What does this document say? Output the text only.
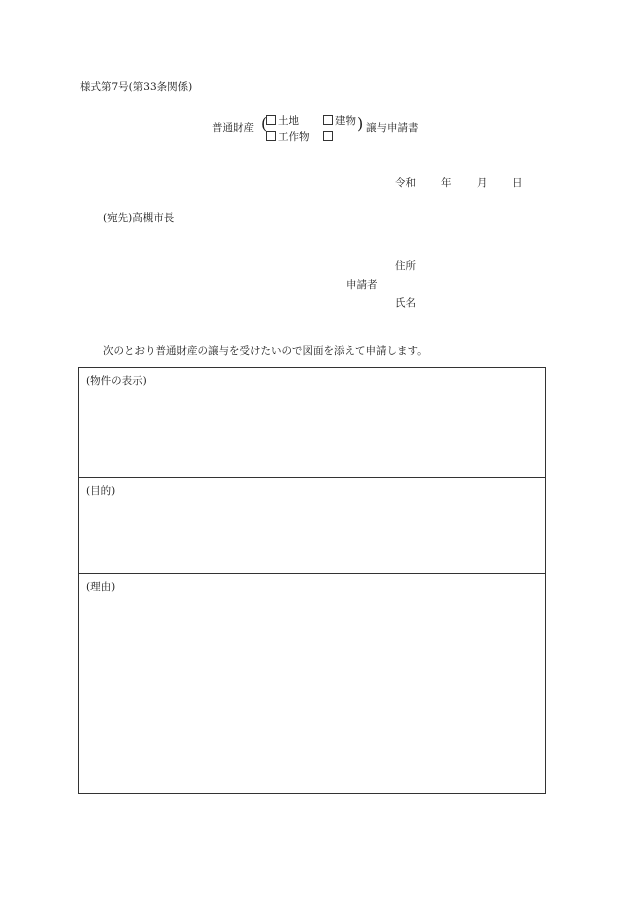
様式第7号(第33条関係)
普通財産 (	土地	建物
工作物
) 譲与申請書
令和 年 月 日
(宛先)高槻市長
住所
申請者
氏名
次のとおり普通財産の譲与を受けたいので図面を添えて申請します。
(物件の表示)
(目的)
(理由)
